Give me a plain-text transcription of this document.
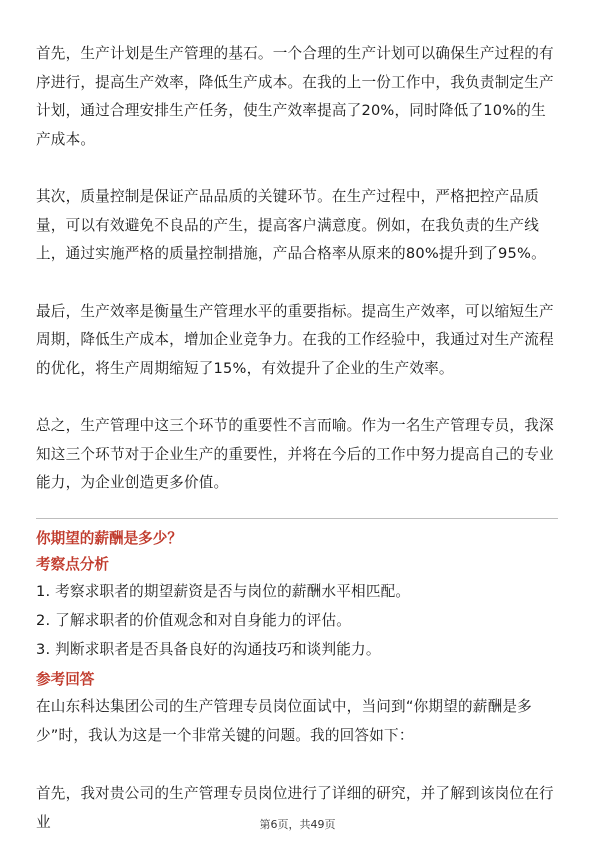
首先，生产计划是生产管理的基石。一个合理的生产计划可以确保生产过程的有序进行，提高生产效率，降低生产成本。在我的上一份工作中，我负责制定生产计划，通过合理安排生产任务，使生产效率提高了20%，同时降低了10%的生产成本。

其次，质量控制是保证产品品质的关键环节。在生产过程中，严格把控产品质量，可以有效避免不良品的产生，提高客户满意度。例如，在我负责的生产线上，通过实施严格的质量控制措施，产品合格率从原来的80%提升到了95%。

最后，生产效率是衡量生产管理水平的重要指标。提高生产效率，可以缩短生产周期，降低生产成本，增加企业竞争力。在我的工作经验中，我通过对生产流程的优化，将生产周期缩短了15%，有效提升了企业的生产效率。

总之，生产管理中这三个环节的重要性不言而喻。作为一名生产管理专员，我深知这三个环节对于企业生产的重要性，并将在今后的工作中努力提高自己的专业能力，为企业创造更多价值。

你期望的薪酬是多少？

考察点分析

1. 考察求职者的期望薪资是否与岗位的薪酬水平相匹配。
2. 了解求职者的价值观念和对自身能力的评估。
3. 判断求职者是否具备良好的沟通技巧和谈判能力。

参考回答

在山东科达集团公司的生产管理专员岗位面试中，当问到“你期望的薪酬是多少”时，我认为这是一个非常关键的问题。我的回答如下：

首先，我对贵公司的生产管理专员岗位进行了详细的研究，并了解到该岗位在行业	第6页，共49页
